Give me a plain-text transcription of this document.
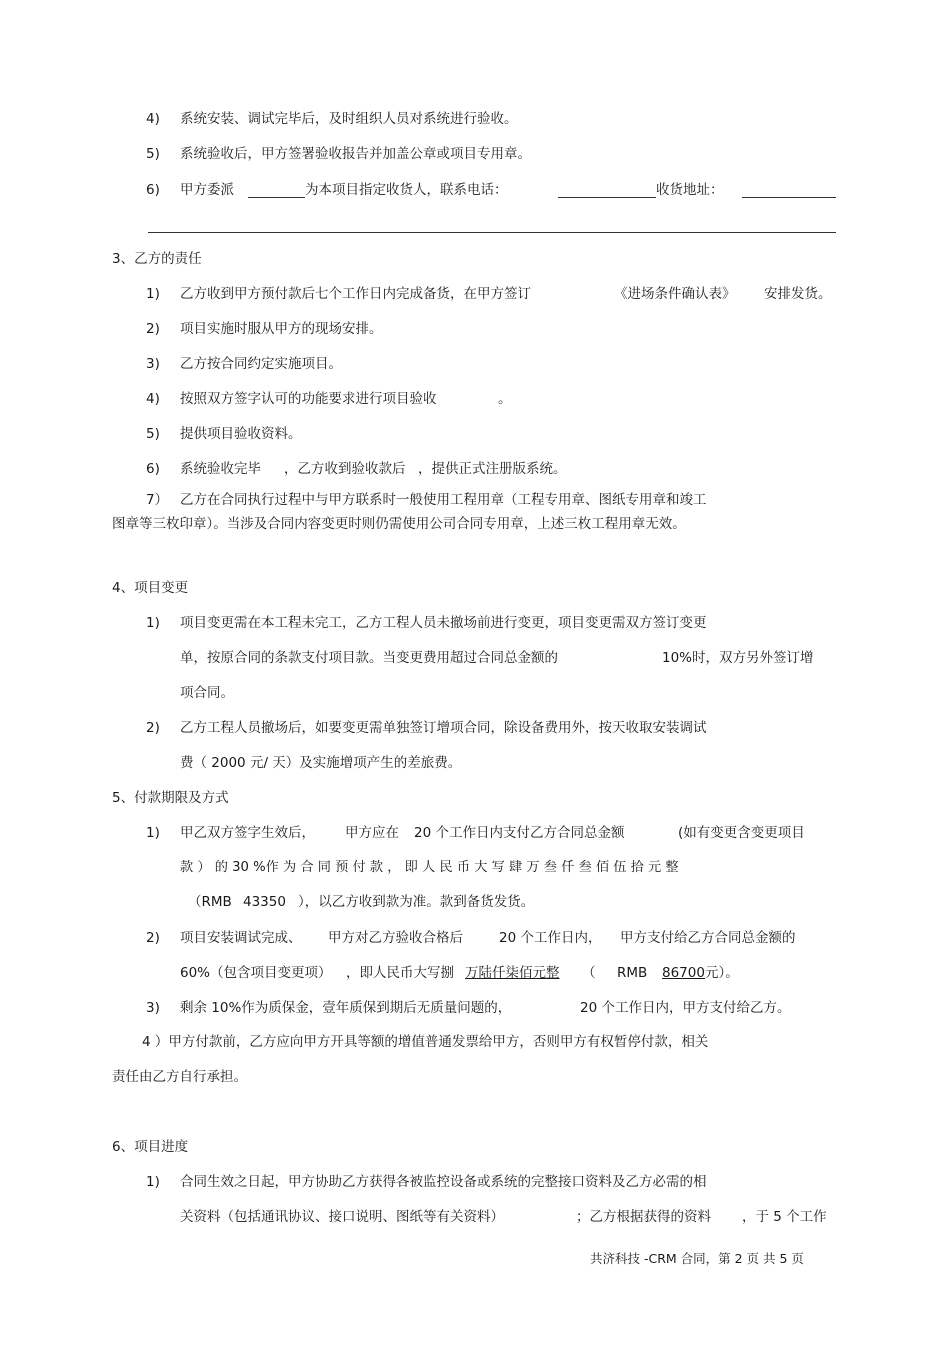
4) 系统安装、调试完毕后，及时组织人员对系统进行验收。
5) 系统验收后，甲方签署验收报告并加盖公章或项目专用章。
6) 甲方委派	为本项目指定收货人，联系电话：	收货地址：
3、乙方的责任
1) 乙方收到甲方预付款后七个工作日内完成备货，在甲方签订	《进场条件确认表》 安排发货。
2) 项目实施时服从甲方的现场安排。
3) 乙方按合同约定实施项目。
4) 按照双方签字认可的功能要求进行项目验收	。
5) 提供项目验收资料。
6) 系统验收完毕 ，乙方收到验收款后 ，提供正式注册版系统。
7） 乙方在合同执行过程中与甲方联系时一般使用工程用章（工程专用章、图纸专用章和竣工
图章等三枚印章）。当涉及合同内容变更时则仍需使用公司合同专用章，上述三枚工程用章无效。
4、项目变更
1) 项目变更需在本工程未完工，乙方工程人员未撤场前进行变更，项目变更需双方签订变更
单，按原合同的条款支付项目款。当变更费用超过合同总金额的	10%时，双方另外签订增
项合同。
2) 乙方工程人员撤场后，如要变更需单独签订增项合同，除设备费用外，按天收取安装调试
费（ 2000 元/ 天）及实施增项产生的差旅费。
5、付款期限及方式
1) 甲乙双方签字生效后， 甲方应在 20 个工作日内支付乙方合同总金额	(如有变更含变更项目
款 ） 的 30 %作 为 合 同 预 付 款 ， 即 人 民 币 大 写 肆 万 叁 仟 叁 佰 伍 拾 元 整
（RMB 43350 ），以乙方收到款为准。款到备货发货。
2) 项目安装调试完成、 甲方对乙方验收合格后	20 个工作日内， 甲方支付给乙方合同总金额的
60%（包含项目变更项） ，即人民币大写捌 万陆仟柒佰元整 （ RMB 86700 元）。
3) 剩余 10%作为质保金，壹年质保到期后无质量问题的，	20 个工作日内，甲方支付给乙方。
4 ）甲方付款前，乙方应向甲方开具等额的增值普通发票给甲方，否则甲方有权暂停付款，相关
责任由乙方自行承担。
6、项目进度
1) 合同生效之日起，甲方协助乙方获得各被监控设备或系统的完整接口资料及乙方必需的相
关资料（包括通讯协议、接口说明、图纸等有关资料）	；乙方根据获得的资料 ，于 5 个工作
共济科技 -CRM 合同，第 2 页 共 5 页
